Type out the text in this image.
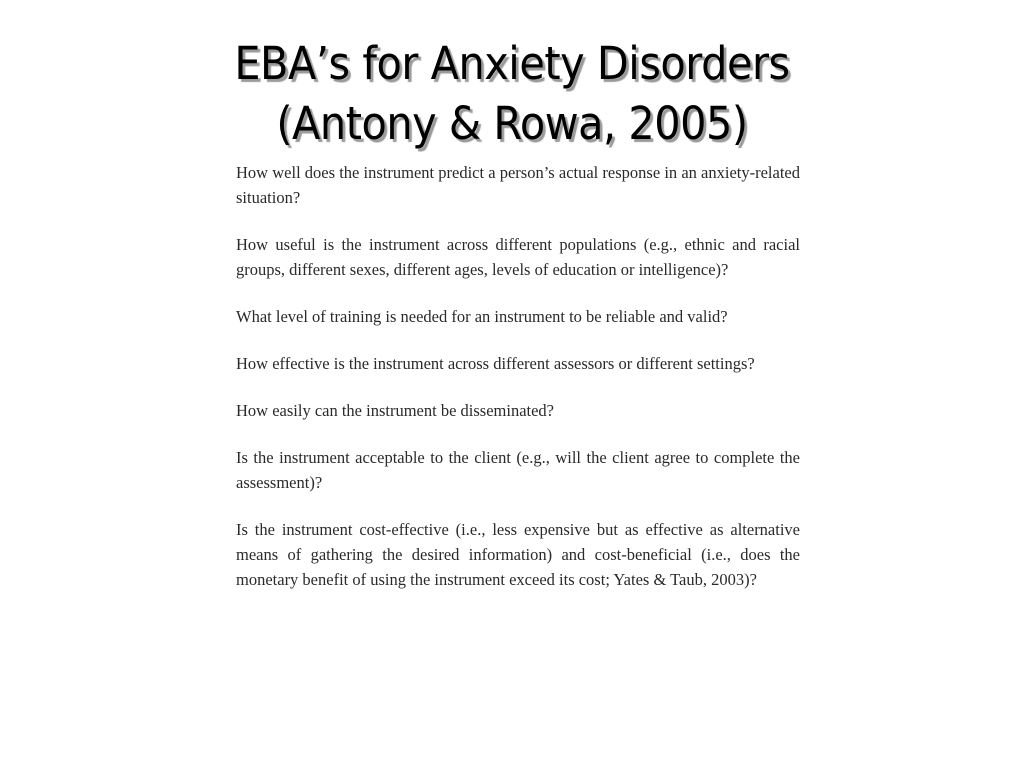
EBA’s for Anxiety Disorders
(Antony & Rowa, 2005)

How well does the instrument predict a person’s actual response in an anxiety-related situation?

How useful is the instrument across different populations (e.g., ethnic and racial groups, different sexes, different ages, levels of education or intelligence)?

What level of training is needed for an instrument to be reliable and valid?

How effective is the instrument across different assessors or different settings?

How easily can the instrument be disseminated?

Is the instrument acceptable to the client (e.g., will the client agree to complete the assessment)?

Is the instrument cost-effective (i.e., less expensive but as effective as alternative means of gathering the desired information) and cost-beneficial (i.e., does the monetary benefit of using the instrument exceed its cost; Yates & Taub, 2003)?
